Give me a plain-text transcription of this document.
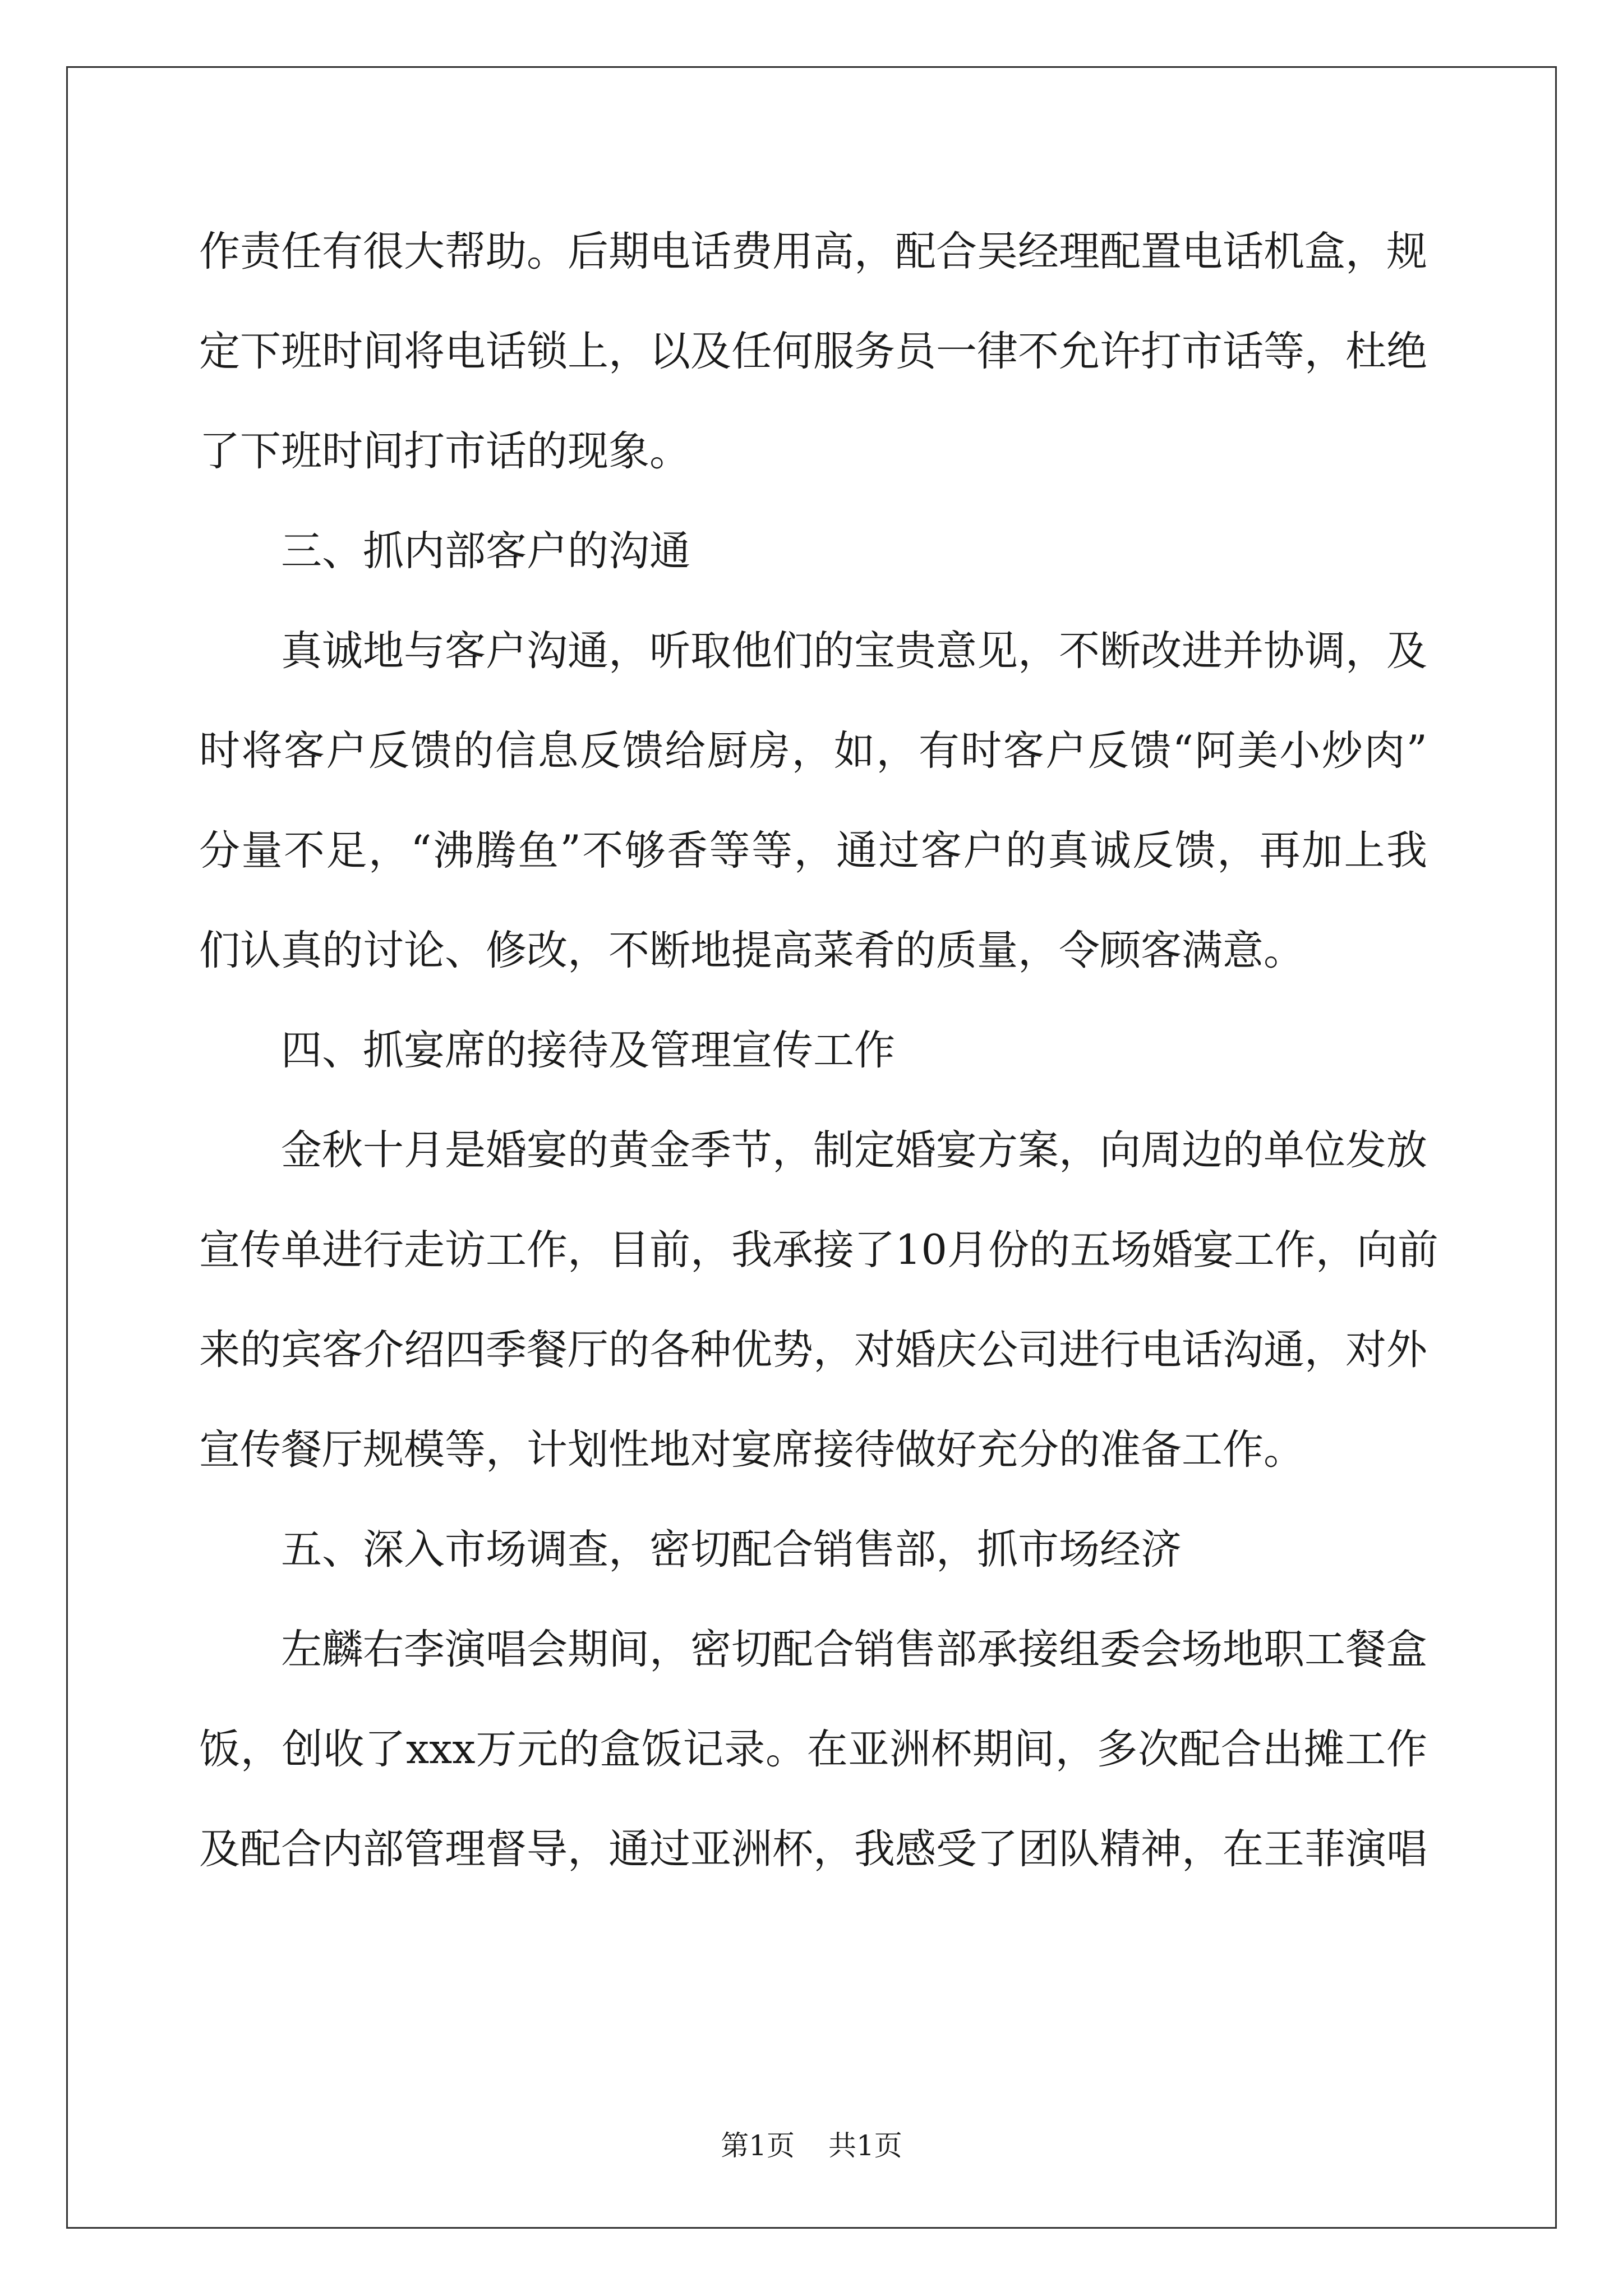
作责任有很大帮助。后期电话费用高，配合吴经理配置电话机盒，规
定下班时间将电话锁上，以及任何服务员一律不允许打市话等，杜绝
了下班时间打市话的现象。
三、抓内部客户的沟通
真诚地与客户沟通，听取他们的宝贵意见，不断改进并协调，及
时将客户反馈的信息反馈给厨房，如，有时客户反馈“阿美小炒肉”
分量不足，“沸腾鱼”不够香等等，通过客户的真诚反馈，再加上我
们认真的讨论、修改，不断地提高菜肴的质量，令顾客满意。
四、抓宴席的接待及管理宣传工作
金秋十月是婚宴的黄金季节，制定婚宴方案，向周边的单位发放
宣传单进行走访工作，目前，我承接了10月份的五场婚宴工作，向前
来的宾客介绍四季餐厅的各种优势，对婚庆公司进行电话沟通，对外
宣传餐厅规模等，计划性地对宴席接待做好充分的准备工作。
五、深入市场调查，密切配合销售部，抓市场经济
左麟右李演唱会期间，密切配合销售部承接组委会场地职工餐盒
饭，创收了xxx万元的盒饭记录。在亚洲杯期间，多次配合出摊工作
及配合内部管理督导，通过亚洲杯，我感受了团队精神，在王菲演唱
第1页 共1页
